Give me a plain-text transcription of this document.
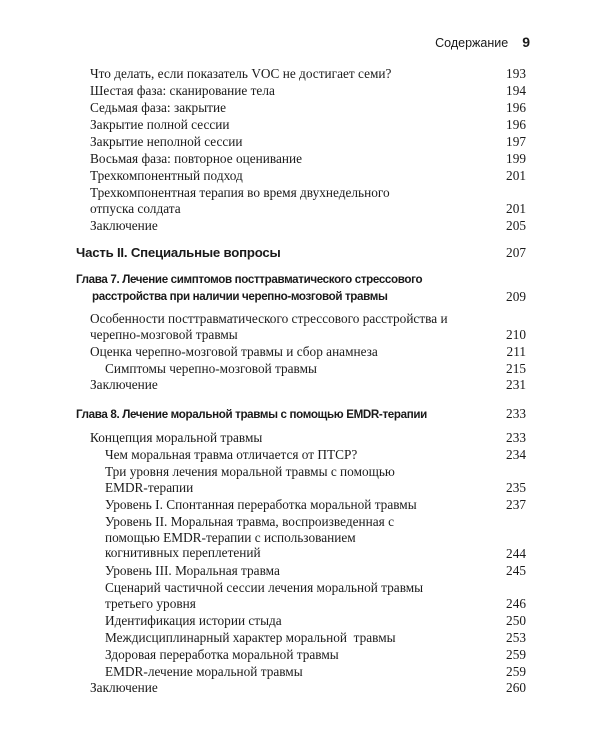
Содержание 9
Что делать, если показатель VOC не достигает семи?	193
Шестая фаза: сканирование тела	194
Седьмая фаза: закрытие	196
Закрытие полной сессии	196
Закрытие неполной сессии	197
Восьмая фаза: повторное оценивание	199
Трехкомпонентный подход	201
Трехкомпонентная терапия во время двухнедельного отпуска солдата	201
Заключение	205
Часть II. Специальные вопросы	207
Глава 7. Лечение симптомов посттравматического стрессового
расстройства при наличии черепно-мозговой травмы	209
Особенности посттравматического стрессового расстройства и черепно-мозговой травмы	210
Оценка черепно-мозговой травмы и сбор анамнеза	211
Симптомы черепно-мозговой травмы	215
Заключение	231
Глава 8. Лечение моральной травмы с помощью EMDR-терапии	233
Концепция моральной травмы	233
Чем моральная травма отличается от ПТСР?	234
Три уровня лечения моральной травмы с помощью EMDR-терапии	235
Уровень I. Спонтанная переработка моральной травмы	237
Уровень II. Моральная травма, воспроизведенная с помощью EMDR-терапии с использованием когнитивных переплетений	244
Уровень III. Моральная травма	245
Сценарий частичной сессии лечения моральной травмы третьего уровня	246
Идентификация истории стыда	250
Междисциплинарный характер моральной  травмы	253
Здоровая переработка моральной травмы	259
EMDR-лечение моральной травмы	259
Заключение	260
